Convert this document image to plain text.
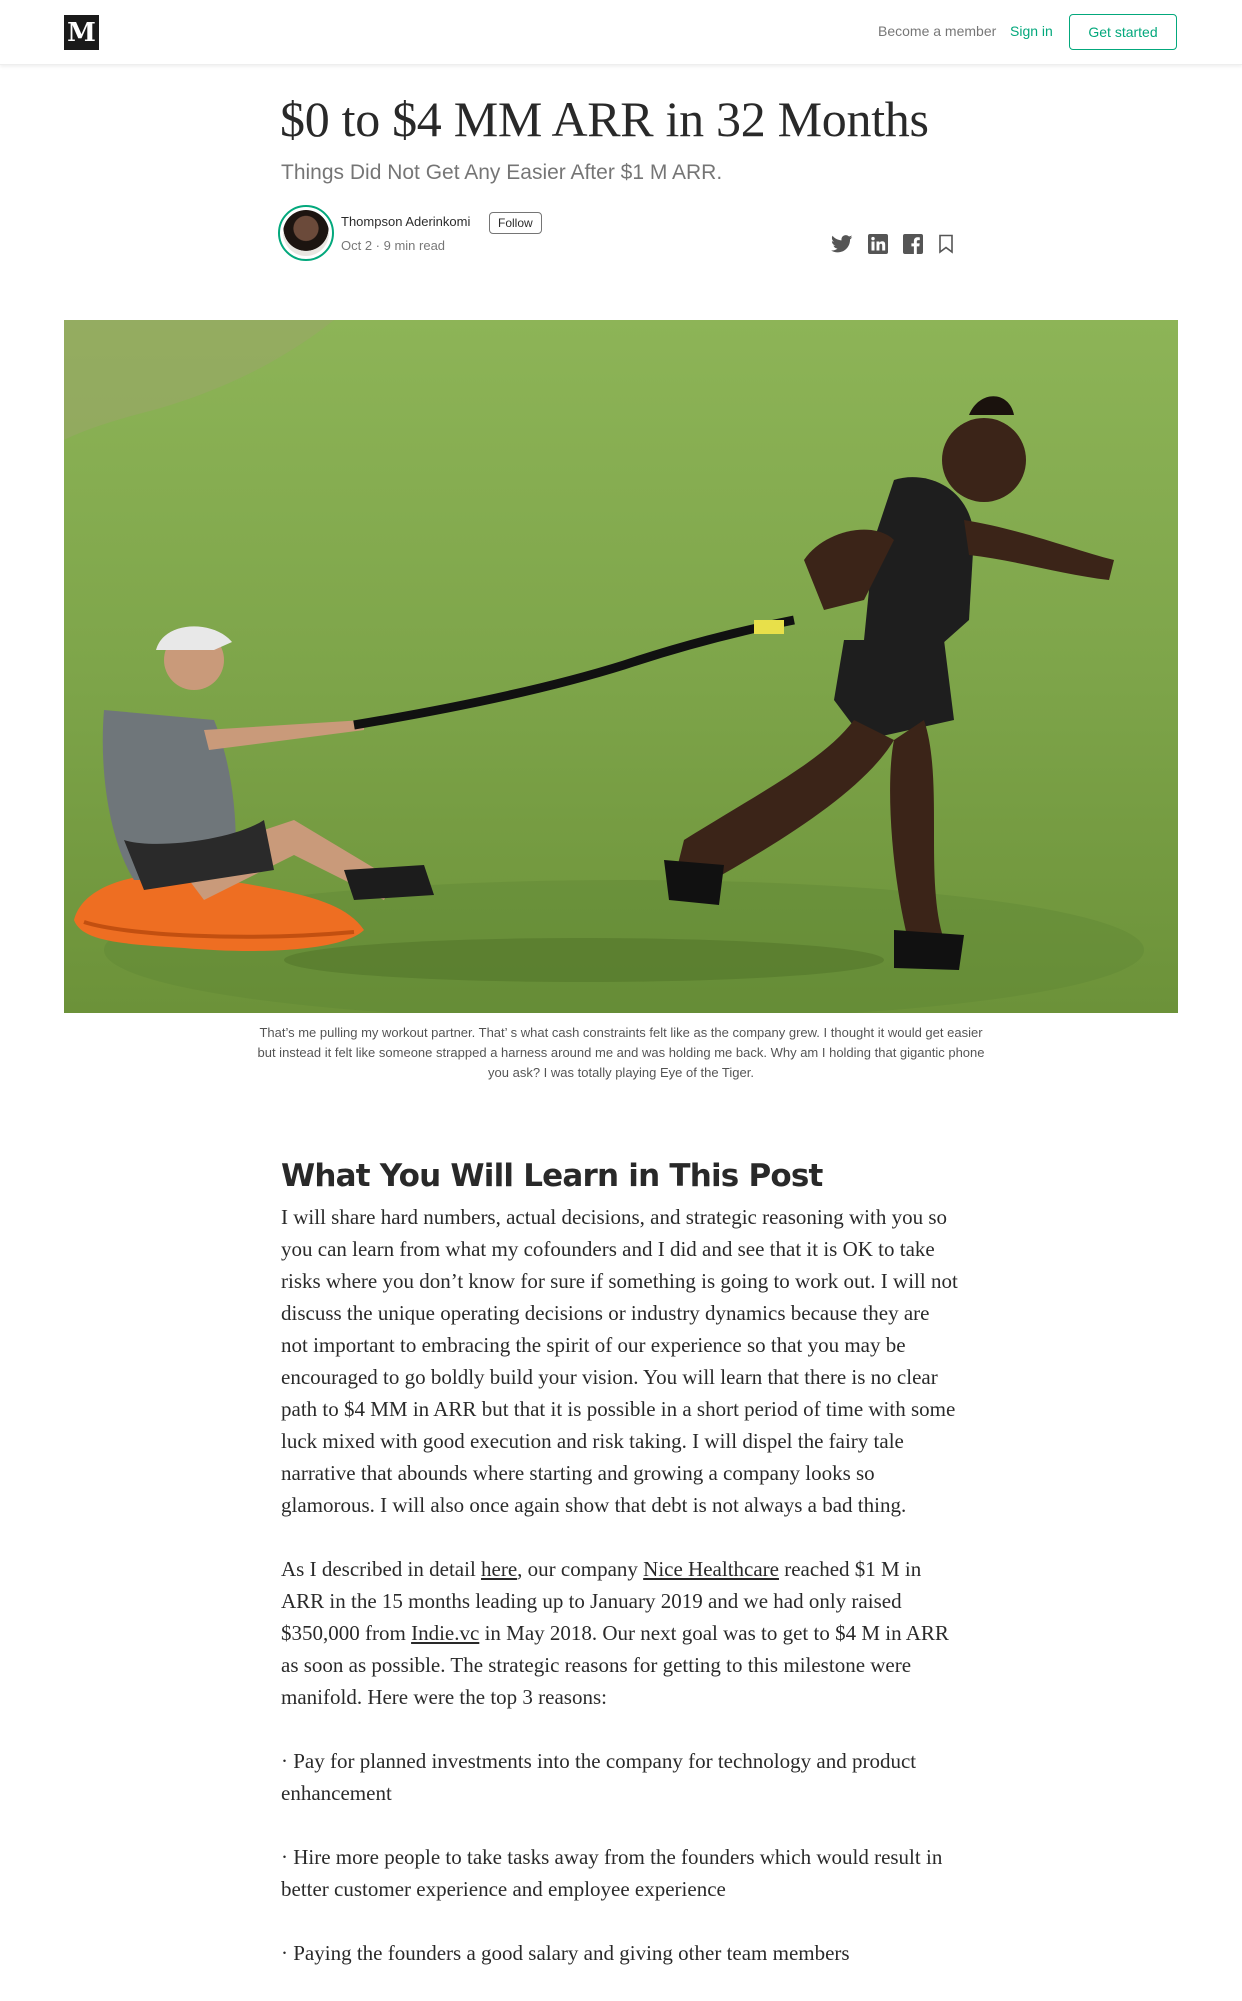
M	Become a member Sign in	Get started
$0 to $4 MM ARR in 32 Months
Things Did Not Get Any Easier After $1 M ARR.
Thompson Aderinkomi	Follow
Oct 2 · 9 min read

That’s me pulling my workout partner. That’ s what cash constraints felt like as the company grew. I thought it would get easier but instead it felt like someone strapped a harness around me and was holding me back. Why am I holding that gigantic phone you ask? I was totally playing Eye of the Tiger.

What You Will Learn in This Post

I will share hard numbers, actual decisions, and strategic reasoning with you so you can learn from what my cofounders and I did and see that it is OK to take risks where you don’t know for sure if something is going to work out. I will not discuss the unique operating decisions or industry dynamics because they are not important to embracing the spirit of our experience so that you may be encouraged to go boldly build your vision. You will learn that there is no clear path to $4 MM in ARR but that it is possible in a short period of time with some luck mixed with good execution and risk taking. I will dispel the fairy tale narrative that abounds where starting and growing a company looks so glamorous. I will also once again show that debt is not always a bad thing.

As I described in detail here, our company Nice Healthcare reached $1 M in ARR in the 15 months leading up to January 2019 and we had only raised $350,000 from Indie.vc in May 2018. Our next goal was to get to $4 M in ARR as soon as possible. The strategic reasons for getting to this milestone were manifold. Here were the top 3 reasons:

· Pay for planned investments into the company for technology and product enhancement

· Hire more people to take tasks away from the founders which would result in better customer experience and employee experience

· Paying the founders a good salary and giving other team members
